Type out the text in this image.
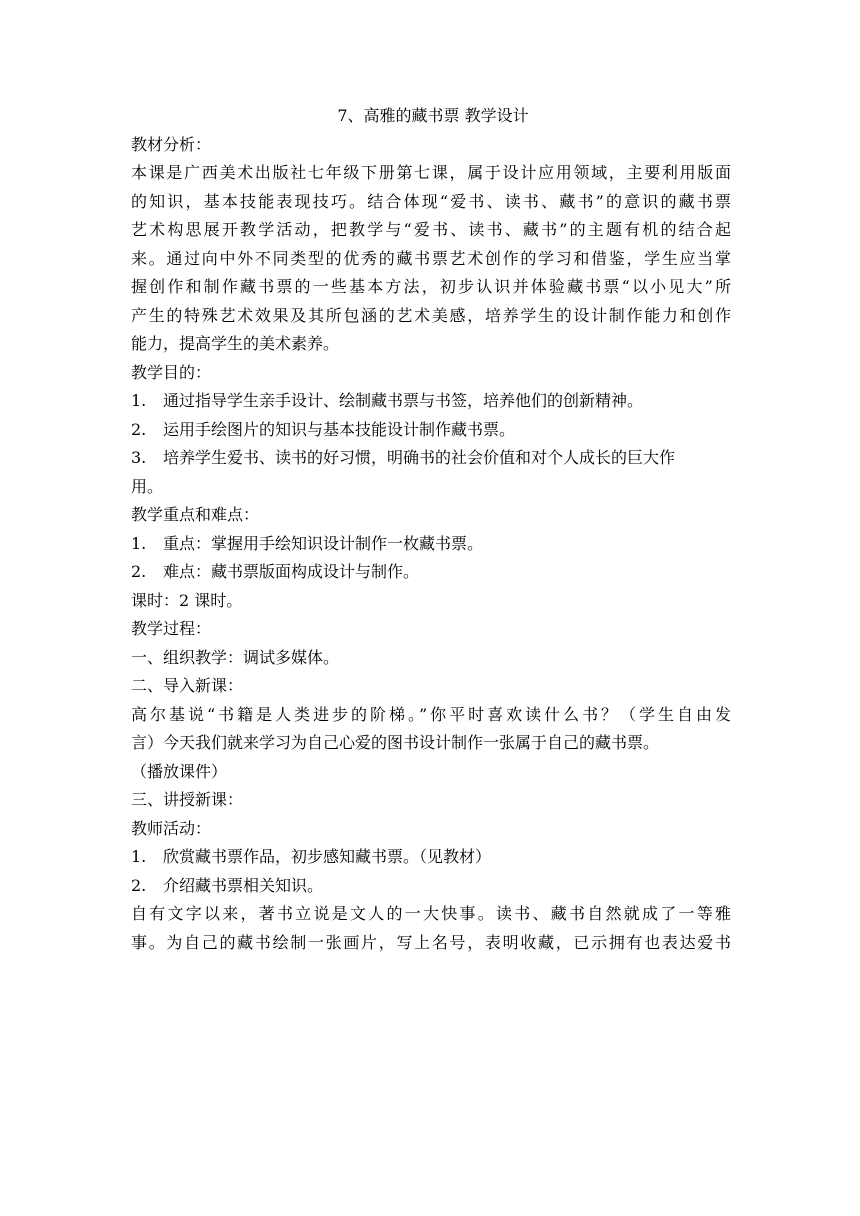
7、高雅的藏书票 教学设计
教材分析：
本课是广西美术出版社七年级下册第七课，属于设计应用领域，主要利用版面
的知识，基本技能表现技巧。结合体现“爱书、读书、藏书”的意识的藏书票
艺术构思展开教学活动，把教学与“爱书、读书、藏书”的主题有机的结合起
来。通过向中外不同类型的优秀的藏书票艺术创作的学习和借鉴，学生应当掌
握创作和制作藏书票的一些基本方法，初步认识并体验藏书票“以小见大”所
产生的特殊艺术效果及其所包涵的艺术美感，培养学生的设计制作能力和创作
能力，提高学生的美术素养。
教学目的：
1. 通过指导学生亲手设计、绘制藏书票与书签，培养他们的创新精神。
2. 运用手绘图片的知识与基本技能设计制作藏书票。
3. 培养学生爱书、读书的好习惯，明确书的社会价值和对个人成长的巨大作
用。
教学重点和难点：
1. 重点：掌握用手绘知识设计制作一枚藏书票。
2. 难点：藏书票版面构成设计与制作。
课时：2 课时。
教学过程：
一、组织教学：调试多媒体。
二、导入新课：
高尔基说“书籍是人类进步的阶梯。”你平时喜欢读什么书？（学生自由发
言）今天我们就来学习为自己心爱的图书设计制作一张属于自己的藏书票。
（播放课件）
三、讲授新课：
教师活动：
1. 欣赏藏书票作品，初步感知藏书票。（见教材）
2. 介绍藏书票相关知识。
自有文字以来，著书立说是文人的一大快事。读书、藏书自然就成了一等雅
事。为自己的藏书绘制一张画片，写上名号，表明收藏，已示拥有也表达爱书
